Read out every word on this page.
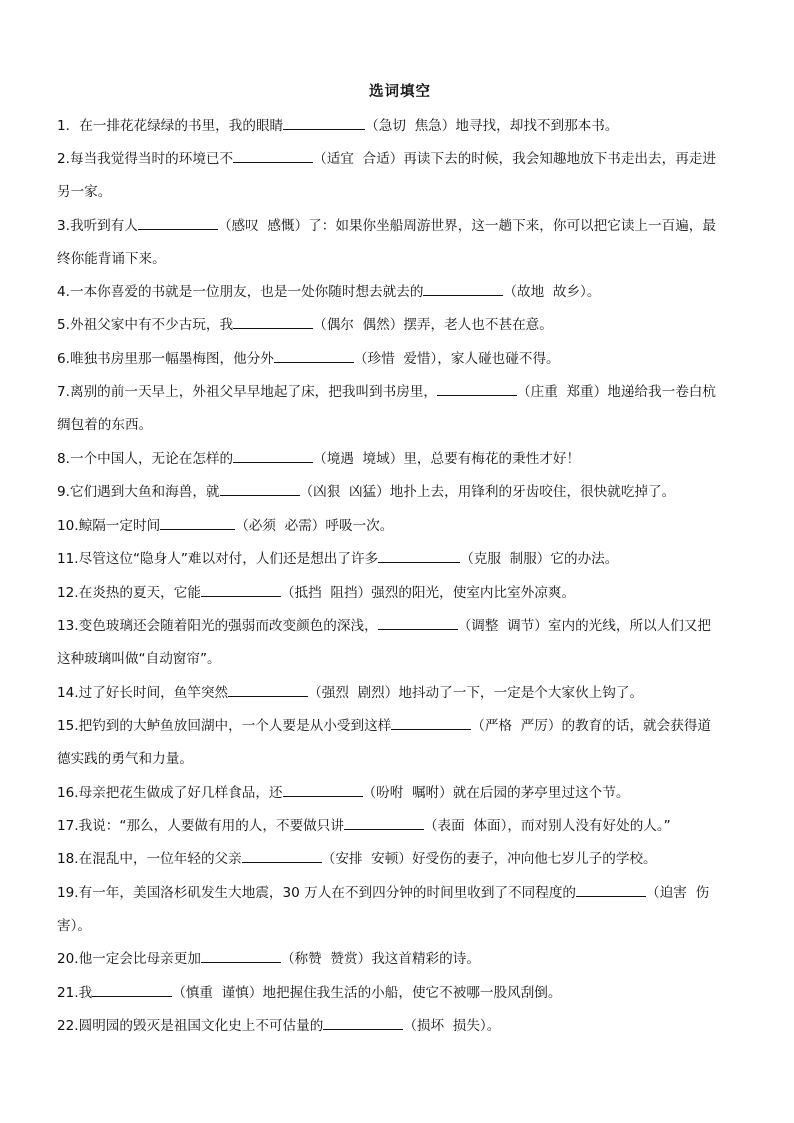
选词填空
1．在一排花花绿绿的书里，我的眼睛	（急切  焦急）地寻找，却找不到那本书。
2.每当我觉得当时的环境已不	（适宜  合适）再读下去的时候，我会知趣地放下书走出去，再走进
另一家。
3.我听到有人	（感叹  感慨）了：如果你坐船周游世界，这一趟下来，你可以把它读上一百遍，最
终你能背诵下来。
4.一本你喜爱的书就是一位朋友，也是一处你随时想去就去的	（故地  故乡）。
5.外祖父家中有不少古玩，我	（偶尔  偶然）摆弄，老人也不甚在意。
6.唯独书房里那一幅墨梅图，他分外	（珍惜  爱惜），家人碰也碰不得。
7.离别的前一天早上，外祖父早早地起了床，把我叫到书房里，	（庄重  郑重）地递给我一卷白杭
绸包着的东西。
8.一个中国人，无论在怎样的	（境遇  境域）里，总要有梅花的秉性才好！
9.它们遇到大鱼和海兽，就	（凶狠  凶猛）地扑上去，用锋利的牙齿咬住，很快就吃掉了。
10.鲸隔一定时间	（必须  必需）呼吸一次。
11.尽管这位“隐身人”难以对付，人们还是想出了许多	（克服  制服）它的办法。
12.在炎热的夏天，它能	（抵挡  阻挡）强烈的阳光，使室内比室外凉爽。
13.变色玻璃还会随着阳光的强弱而改变颜色的深浅，	（调整  调节）室内的光线，所以人们又把
这种玻璃叫做“自动窗帘”。
14.过了好长时间，鱼竿突然	（强烈  剧烈）地抖动了一下，一定是个大家伙上钩了。
15.把钓到的大鲈鱼放回湖中，一个人要是从小受到这样	（严格  严厉）的教育的话，就会获得道
德实践的勇气和力量。
16.母亲把花生做成了好几样食品，还	（吩咐  嘱咐）就在后园的茅亭里过这个节。
17.我说：“那么，人要做有用的人，不要做只讲	（表面  体面），而对别人没有好处的人。”
18.在混乱中，一位年轻的父亲	（安排  安顿）好受伤的妻子，冲向他七岁儿子的学校。
19.有一年，美国洛杉矶发生大地震，30 万人在不到四分钟的时间里收到了不同程度的	（迫害  伤
害）。
20.他一定会比母亲更加	（称赞  赞赏）我这首精彩的诗。
21.我	（慎重  谨慎）地把握住我生活的小船，使它不被哪一股风刮倒。
22.圆明园的毁灭是祖国文化史上不可估量的	（损坏  损失）。
